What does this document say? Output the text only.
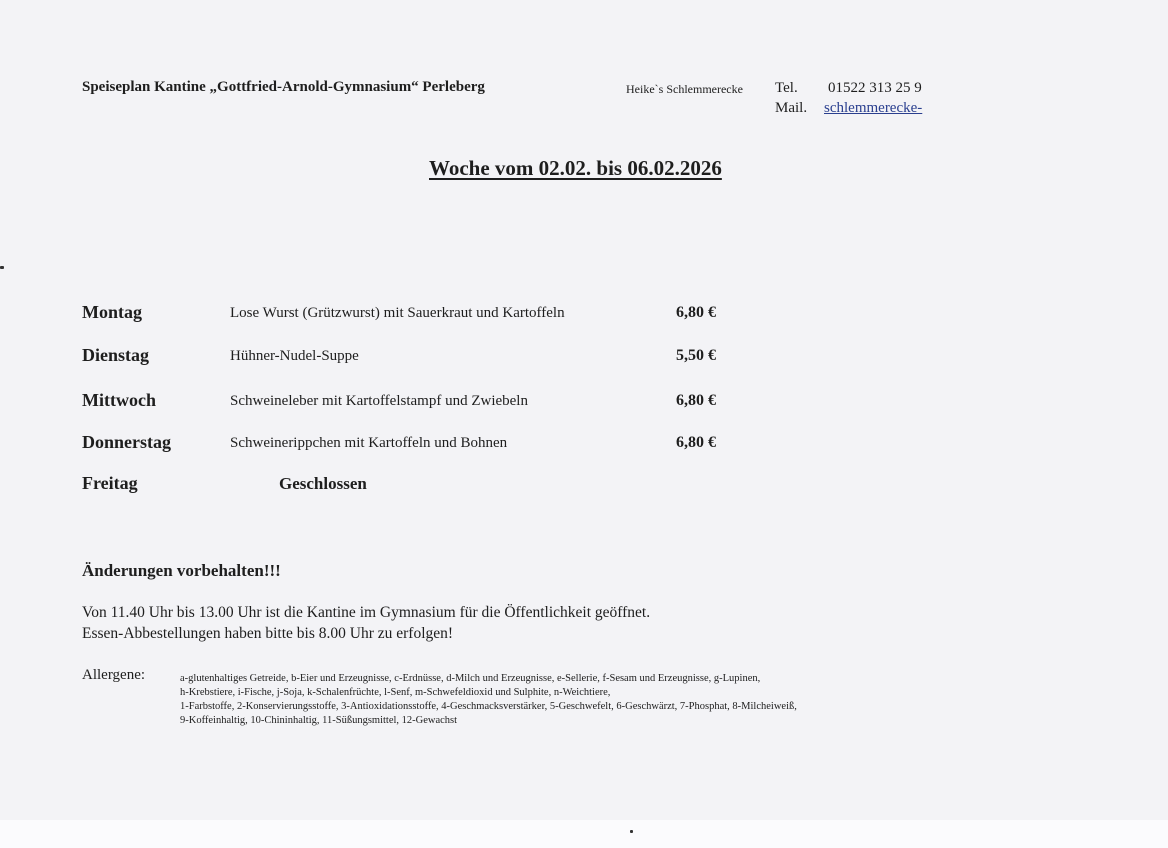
Speiseplan Kantine „Gottfried-Arnold-Gymnasium“ Perleberg	Heike`s Schlemmerecke Tel. 01522 313 25 9
Mail. schlemmerecke-
Woche vom 02.02. bis 06.02.2026
Montag	Lose Wurst (Grützwurst) mit Sauerkraut und Kartoffeln	6,80 €
Dienstag	Hühner-Nudel-Suppe	5,50 €
Mittwoch	Schweineleber mit Kartoffelstampf und Zwiebeln	6,80 €
Donnerstag	Schweinerippchen mit Kartoffeln und Bohnen	6,80 €
Freitag	Geschlossen
Änderungen vorbehalten!!!
Von 11.40 Uhr bis 13.00 Uhr ist die Kantine im Gymnasium für die Öffentlichkeit geöffnet.
Essen-Abbestellungen haben bitte bis 8.00 Uhr zu erfolgen!
Allergene:	a-glutenhaltiges Getreide, b-Eier und Erzeugnisse, c-Erdnüsse, d-Milch und Erzeugnisse, e-Sellerie, f-Sesam und Erzeugnisse, g-Lupinen,
h-Krebstiere, i-Fische, j-Soja, k-Schalenfrüchte, l-Senf, m-Schwefeldioxid und Sulphite, n-Weichtiere,
1-Farbstoffe, 2-Konservierungsstoffe, 3-Antioxidationsstoffe, 4-Geschmacksverstärker, 5-Geschwefelt, 6-Geschwärzt, 7-Phosphat, 8-Milcheiweiß,
9-Koffeinhaltig, 10-Chininhaltig, 11-Süßungsmittel, 12-Gewachst
